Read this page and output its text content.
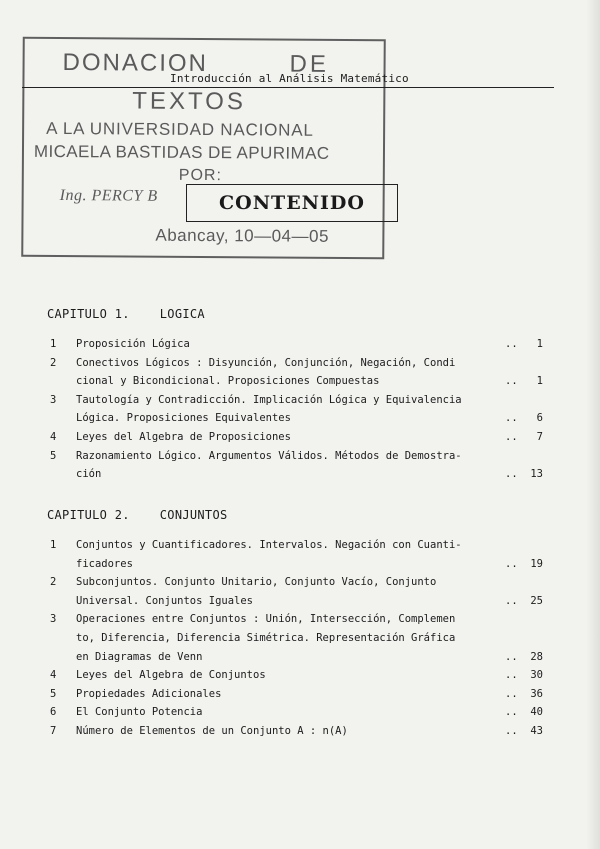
DONACION	DE
TEXTOS
A LA UNIVERSIDAD NACIONAL
MICAELA BASTIDAS DE APURIMAC
POR:
Ing. PERCY B
Abancay, 10—04—05
Introducción al Análisis Matemático
CONTENIDO
CAPITULO 1.	LOGICA
1 Proposición Lógica	.. 1
2 Conectivos Lógicos : Disyunción, Conjunción, Negación, Condi
cional y Bicondicional. Proposiciones Compuestas	.. 1
3 Tautología y Contradicción. Implicación Lógica y Equivalencia
Lógica. Proposiciones Equivalentes	.. 6
4 Leyes del Algebra de Proposiciones	.. 7
5 Razonamiento Lógico. Argumentos Válidos. Métodos de Demostra-
ción	.. 13
CAPITULO 2.	CONJUNTOS
1 Conjuntos y Cuantificadores. Intervalos. Negación con Cuanti-
ficadores	.. 19
2 Subconjuntos. Conjunto Unitario, Conjunto Vacío, Conjunto
Universal. Conjuntos Iguales	.. 25
3 Operaciones entre Conjuntos : Unión, Intersección, Complemen
to, Diferencia, Diferencia Simétrica. Representación Gráfica
en Diagramas de Venn	.. 28
4 Leyes del Algebra de Conjuntos	.. 30
5 Propiedades Adicionales	.. 36
6 El Conjunto Potencia	.. 40
7 Número de Elementos de un Conjunto A : n(A)	.. 43
